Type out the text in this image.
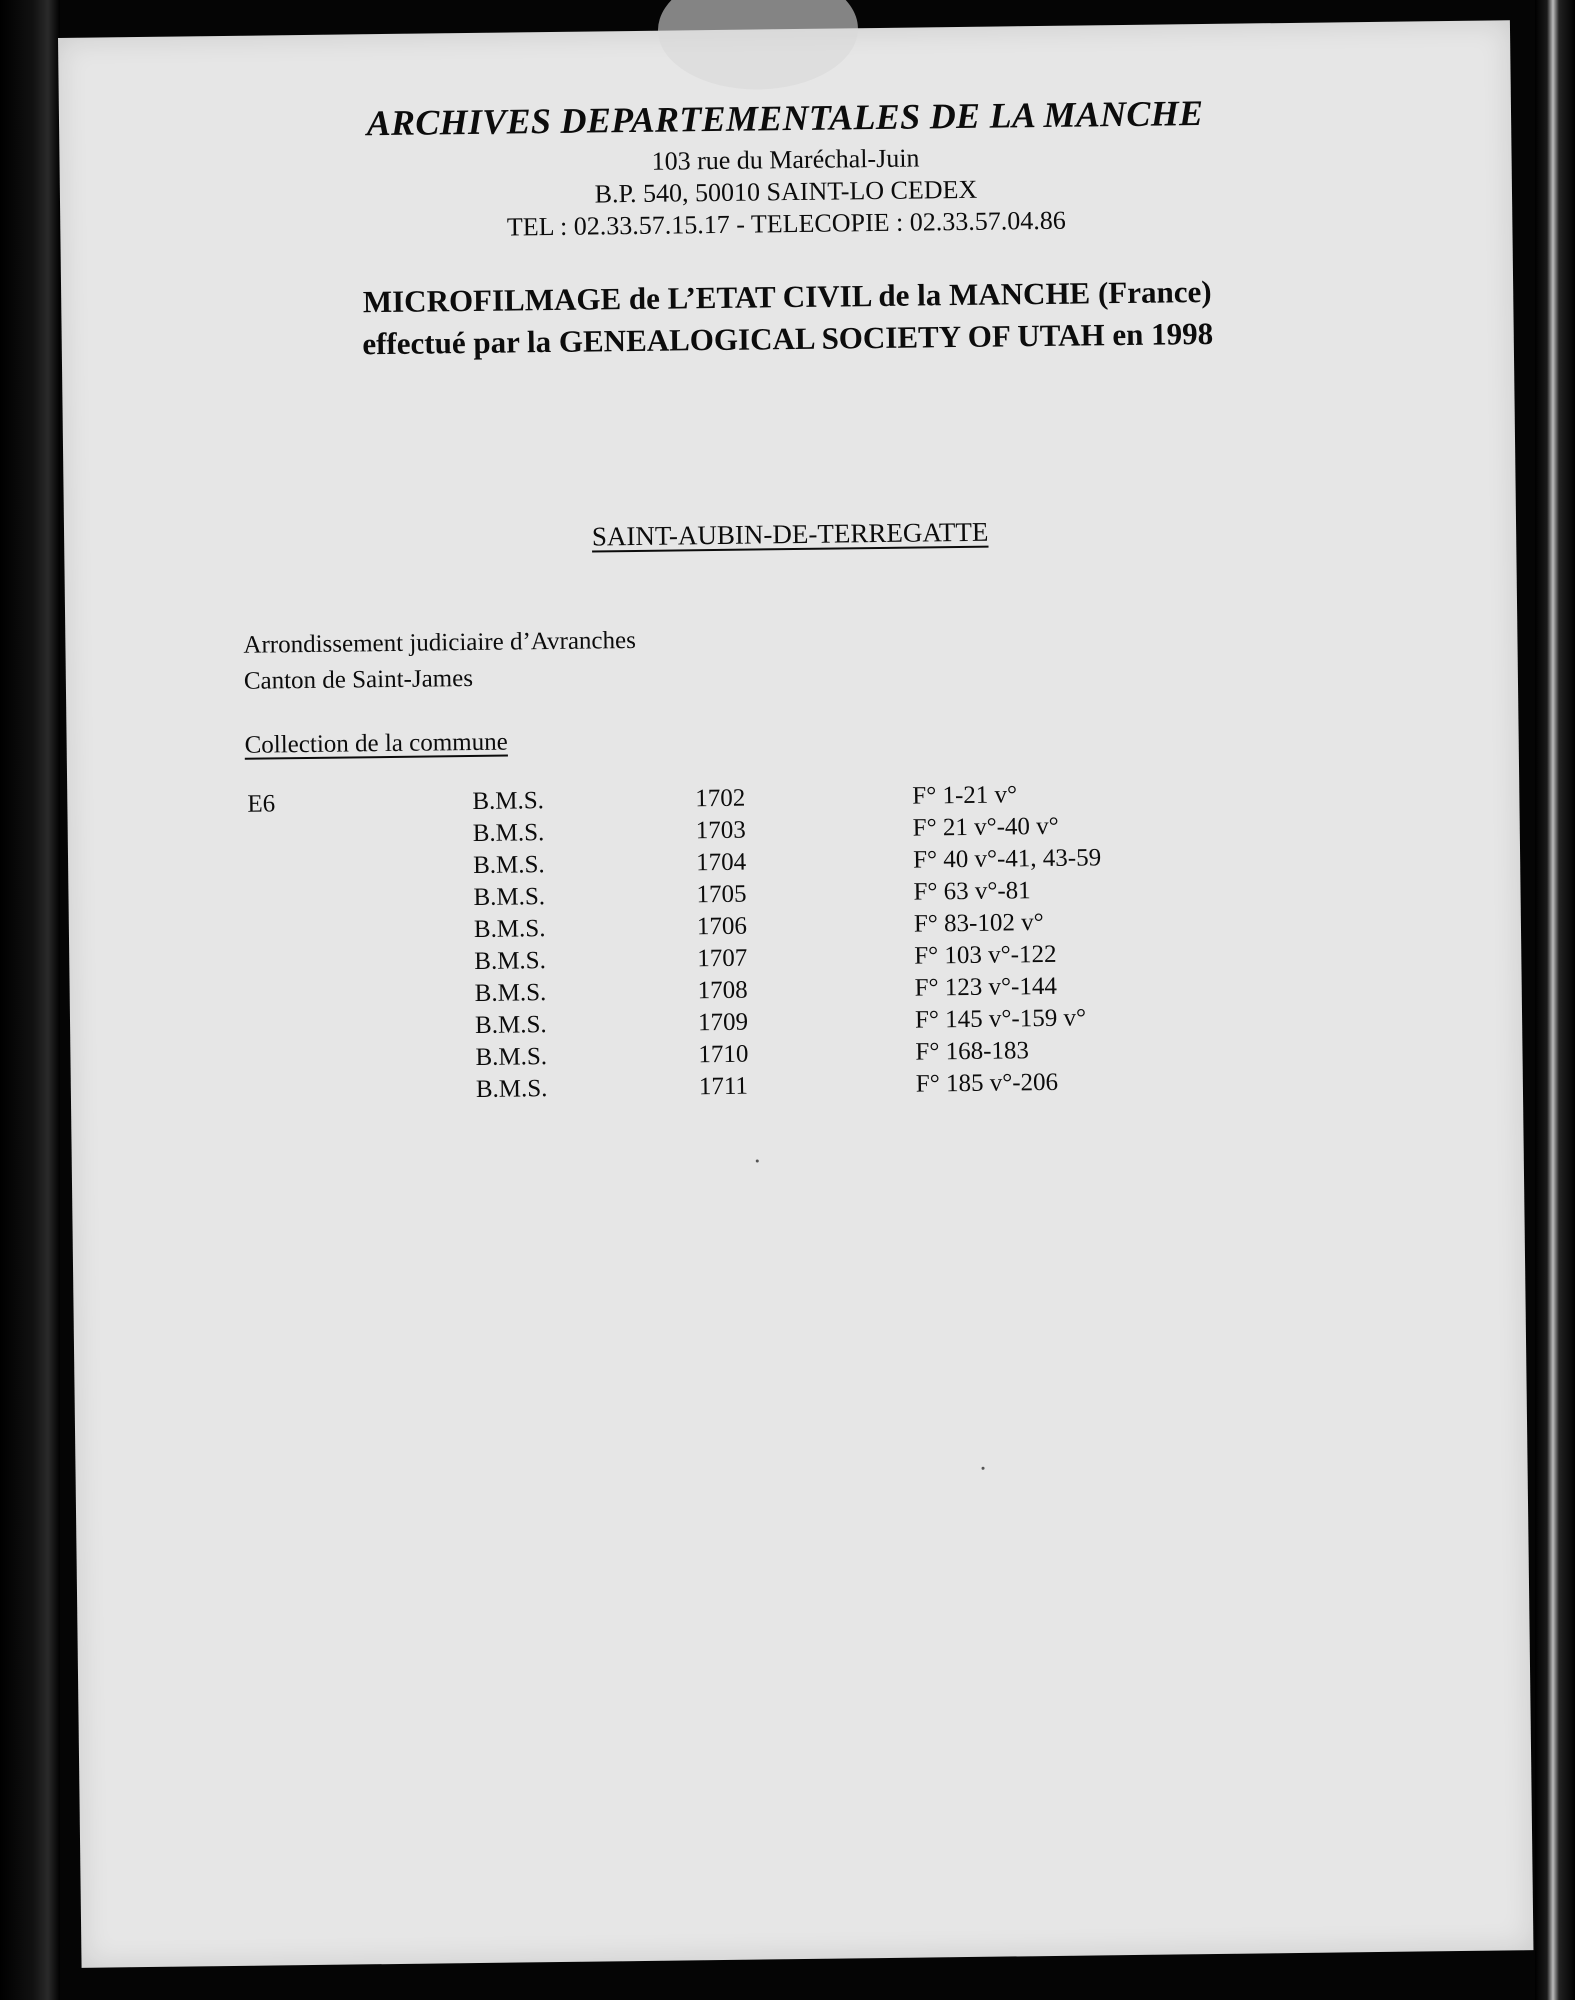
ARCHIVES DEPARTEMENTALES DE LA MANCHE
103 rue du Maréchal-Juin
B.P. 540, 50010 SAINT-LO CEDEX
TEL : 02.33.57.15.17 - TELECOPIE : 02.33.57.04.86
MICROFILMAGE de L’ETAT CIVIL de la MANCHE (France)
effectué par la GENEALOGICAL SOCIETY OF UTAH en 1998
SAINT-AUBIN-DE-TERREGATTE
Arrondissement judiciaire d’Avranches
Canton de Saint-James
Collection de la commune
E6	B.M.S.	1702	F° 1-21 v°
B.M.S.	1703	F° 21 v°-40 v°
B.M.S.	1704	F° 40 v°-41, 43-59
B.M.S.	1705	F° 63 v°-81
B.M.S.	1706	F° 83-102 v°
B.M.S.	1707	F° 103 v°-122
B.M.S.	1708	F° 123 v°-144
B.M.S.	1709	F° 145 v°-159 v°
B.M.S.	1710	F° 168-183
B.M.S.	1711	F° 185 v°-206
